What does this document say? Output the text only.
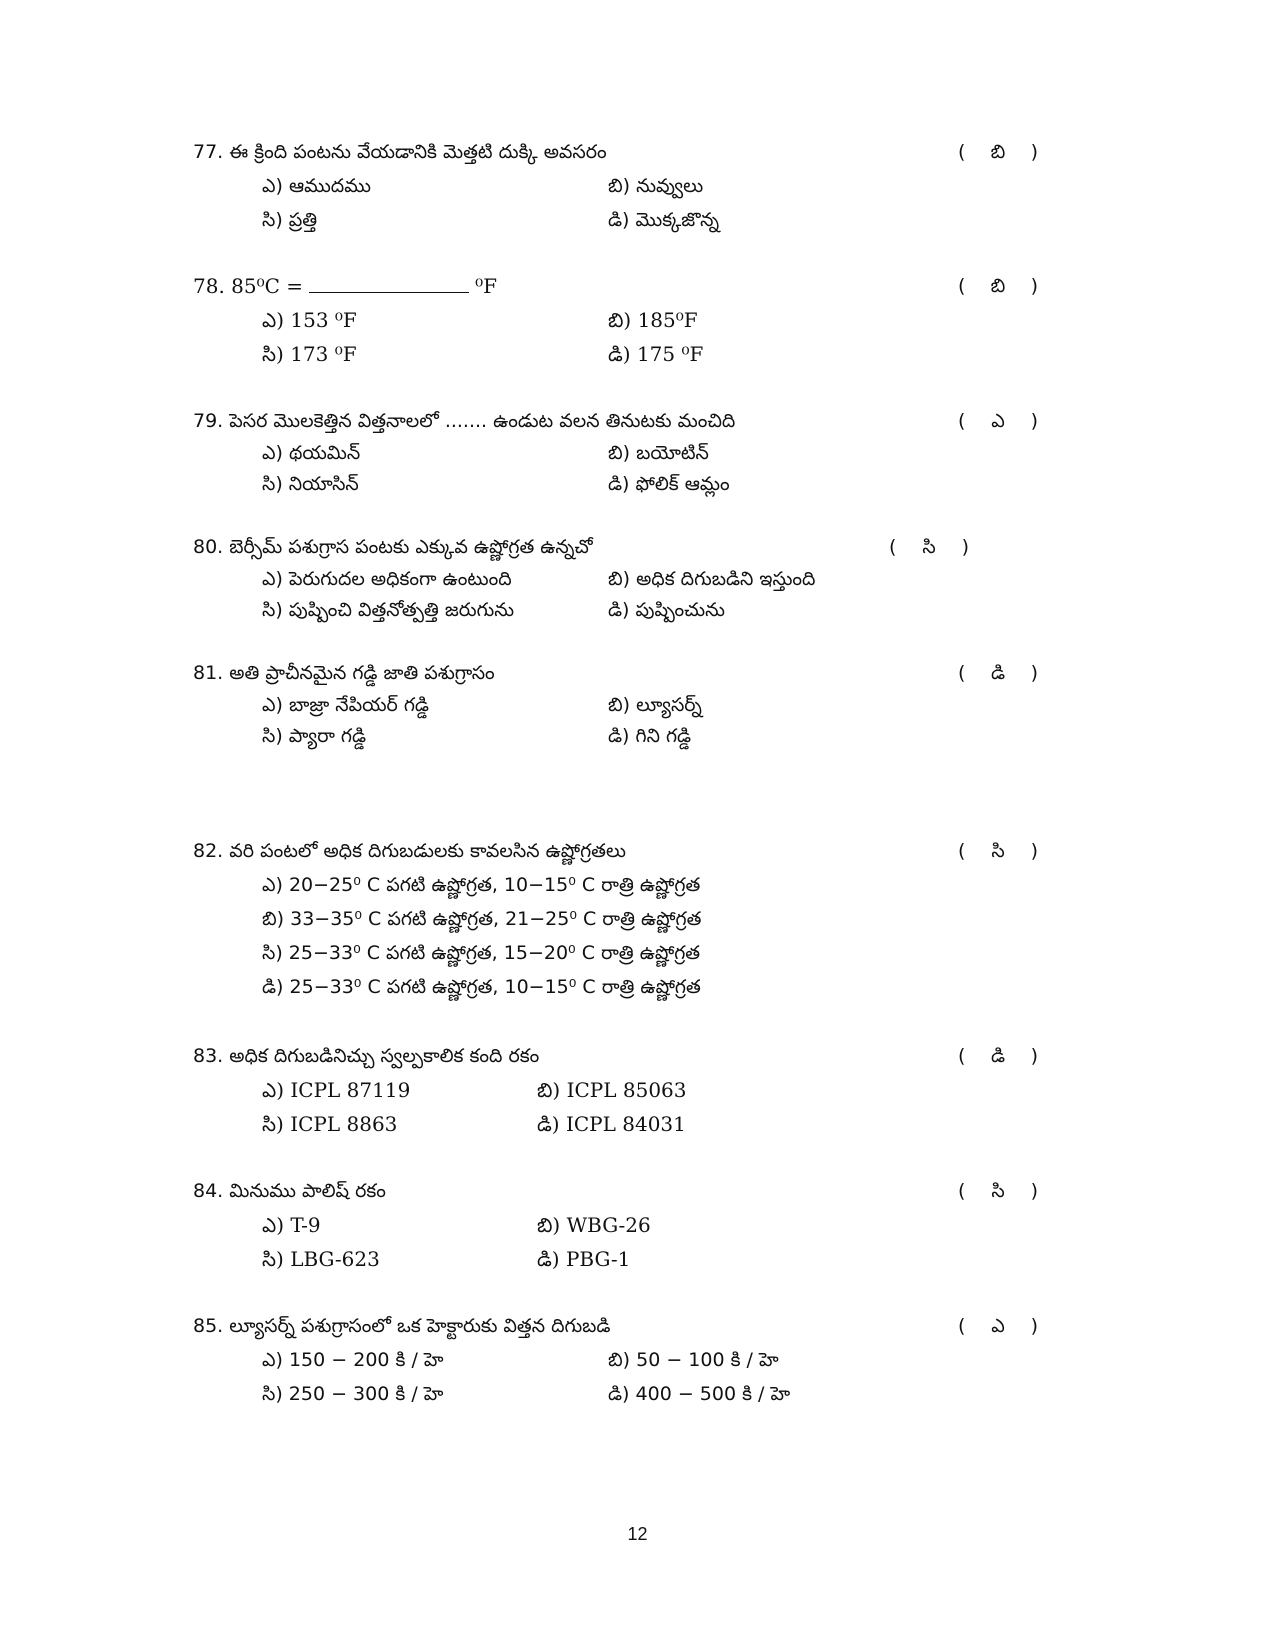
77. ఈ క్రింది పంటను వేయడానికి మెత్తటి దుక్కి అవసరం	( బి )
ఎ) ఆముదము	బి) నువ్వులు
సి) ప్రత్తి	డి) మొక్కజొన్న
78. 85⁰C =	⁰F	( బి )
ఎ) 153 ⁰F	బి) 185⁰F
సి) 173 ⁰F	డి) 175 ⁰F
79. పెసర మొలకెత్తిన విత్తనాలలో ....... ఉండుట వలన తినుటకు మంచిది	( ఎ )
ఎ) థయమిన్	బి) బయోటిన్
సి) నియాసిన్	డి) ఫోలిక్ ఆమ్లం
80. బెర్సీమ్ పశుగ్రాస పంటకు ఎక్కువ ఉష్ణోగ్రత ఉన్నచో	( సి )
ఎ) పెరుగుదల అధికంగా ఉంటుంది	బి) అధిక దిగుబడిని ఇస్తుంది
సి) పుష్పించి విత్తనోత్పత్తి జరుగును	డి) పుష్పించును
81. అతి ప్రాచీనమైన గడ్డి జాతి పశుగ్రాసం	( డి )
ఎ) బాజ్రా నేపియర్ గడ్డి	బి) ల్యూసర్న్
సి) ప్యారా గడ్డి	డి) గిని గడ్డి
82. వరి పంటలో అధిక దిగుబడులకు కావలసిన ఉష్ణోగ్రతలు	( సి )
ఎ) 20−25⁰ C పగటి ఉష్ణోగ్రత, 10−15⁰ C రాత్రి ఉష్ణోగ్రత
బి) 33−35⁰ C పగటి ఉష్ణోగ్రత, 21−25⁰ C రాత్రి ఉష్ణోగ్రత
సి) 25−33⁰ C పగటి ఉష్ణోగ్రత, 15−20⁰ C రాత్రి ఉష్ణోగ్రత
డి) 25−33⁰ C పగటి ఉష్ణోగ్రత, 10−15⁰ C రాత్రి ఉష్ణోగ్రత
83. అధిక దిగుబడినిచ్చు స్వల్పకాలిక కంది రకం	( డి )
ఎ) ICPL 87119	బి) ICPL 85063
సి) ICPL 8863	డి) ICPL 84031
84. మినుము పాలిష్ రకం	( సి )
ఎ) T-9	బి) WBG-26
సి) LBG-623	డి) PBG-1
85. ల్యూసర్న్ పశుగ్రాసంలో ఒక హెక్టారుకు విత్తన దిగుబడి	( ఎ )
ఎ) 150 − 200 కి / హె	బి) 50 − 100 కి / హె
సి) 250 − 300 కి / హె	డి) 400 − 500 కి / హె
12
